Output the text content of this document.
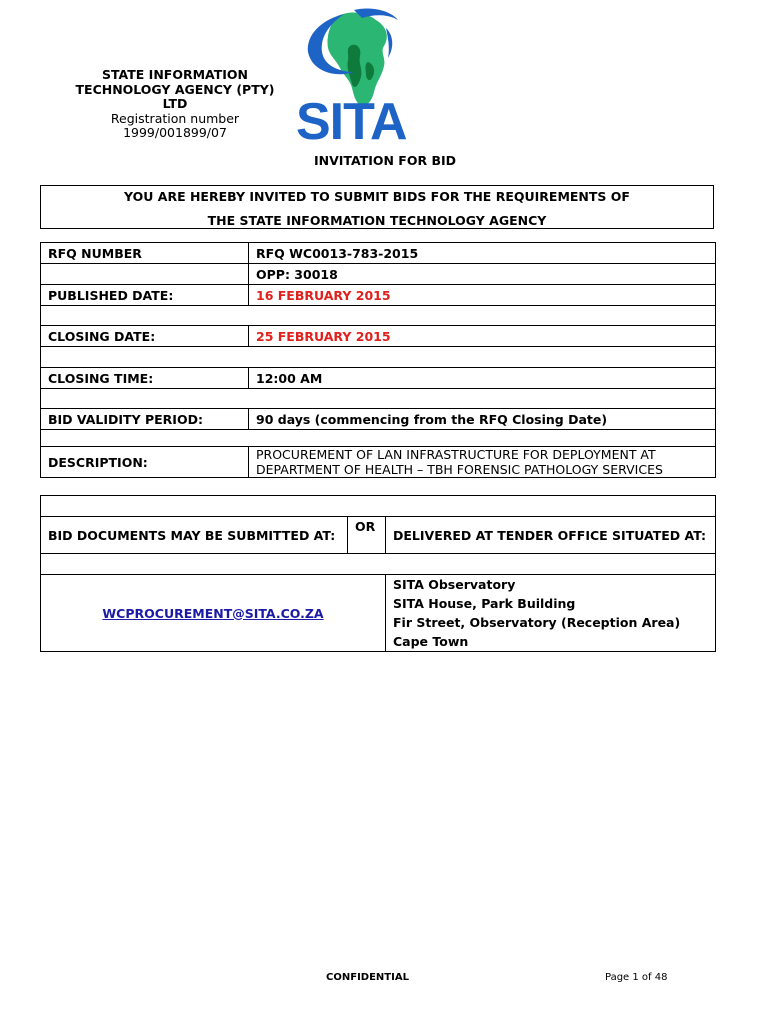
STATE INFORMATION
TECHNOLOGY AGENCY (PTY)
LTD
Registration number
1999/001899/07	SITA
INVITATION FOR BID
YOU ARE HEREBY INVITED TO SUBMIT BIDS FOR THE REQUIREMENTS OF
THE STATE INFORMATION TECHNOLOGY AGENCY
RFQ NUMBER	RFQ WC0013-783-2015
	OPP: 30018
PUBLISHED DATE:	16 FEBRUARY 2015

CLOSING DATE:	25 FEBRUARY 2015

CLOSING TIME:	12:00 AM

BID VALIDITY PERIOD:	90 days (commencing from the RFQ Closing Date)

DESCRIPTION:	PROCUREMENT OF LAN INFRASTRUCTURE FOR DEPLOYMENT AT DEPARTMENT OF HEALTH – TBH FORENSIC PATHOLOGY SERVICES

BID DOCUMENTS MAY BE SUBMITTED AT:	OR	DELIVERED AT TENDER OFFICE SITUATED AT:

WCPROCUREMENT@SITA.CO.ZA		SITA Observatory
SITA House, Park Building
Fir Street, Observatory (Reception Area)
Cape Town
CONFIDENTIAL	Page 1 of 48
